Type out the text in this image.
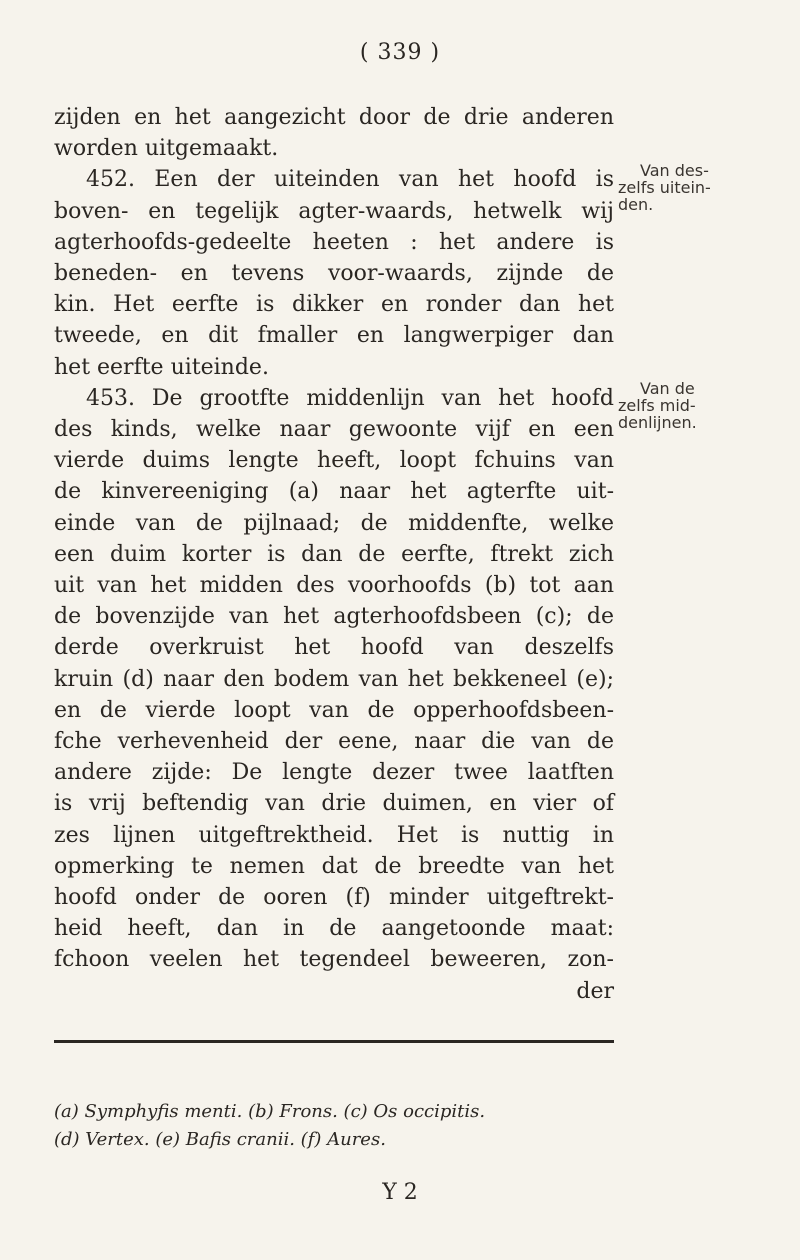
( 339 )
zijden en het aangezicht door de drie anderen
worden uitgemaakt.
452. Een der uiteinden van het hoofd is
boven- en tegelijk agter-waards, hetwelk wij
agterhoofds-gedeelte heeten : het andere is
beneden- en tevens voor-waards, zijnde de
kin. Het eerfte is dikker en ronder dan het
tweede, en dit fmaller en langwerpiger dan
het eerfte uiteinde.
453. De grootfte middenlijn van het hoofd
des kinds, welke naar gewoonte vijf en een
vierde duims lengte heeft, loopt fchuins van
de kinvereeniging (a) naar het agterfte uit-
einde van de pijlnaad; de middenfte, welke
een duim korter is dan de eerfte, ftrekt zich
uit van het midden des voorhoofds (b) tot aan
de bovenzijde van het agterhoofdsbeen (c); de
derde overkruist het hoofd van deszelfs
kruin (d) naar den bodem van het bekkeneel (e);
en de vierde loopt van de opperhoofdsbeen-
fche verhevenheid der eene, naar die van de
andere zijde: De lengte dezer twee laatften
is vrij beftendig van drie duimen, en vier of
zes lijnen uitgeftrektheid. Het is nuttig in
opmerking te nemen dat de breedte van het
hoofd onder de ooren (f) minder uitgeftrekt-
heid heeft, dan in de aangetoonde maat:
fchoon veelen het tegendeel beweeren, zon-
der
Van des-
zelfs uitein-
den.
Van de
zelfs mid-
denlijnen.
(a) Symphyfis menti. (b) Frons. (c) Os occipitis.
(d) Vertex. (e) Bafis cranii. (f) Aures.
Y 2
